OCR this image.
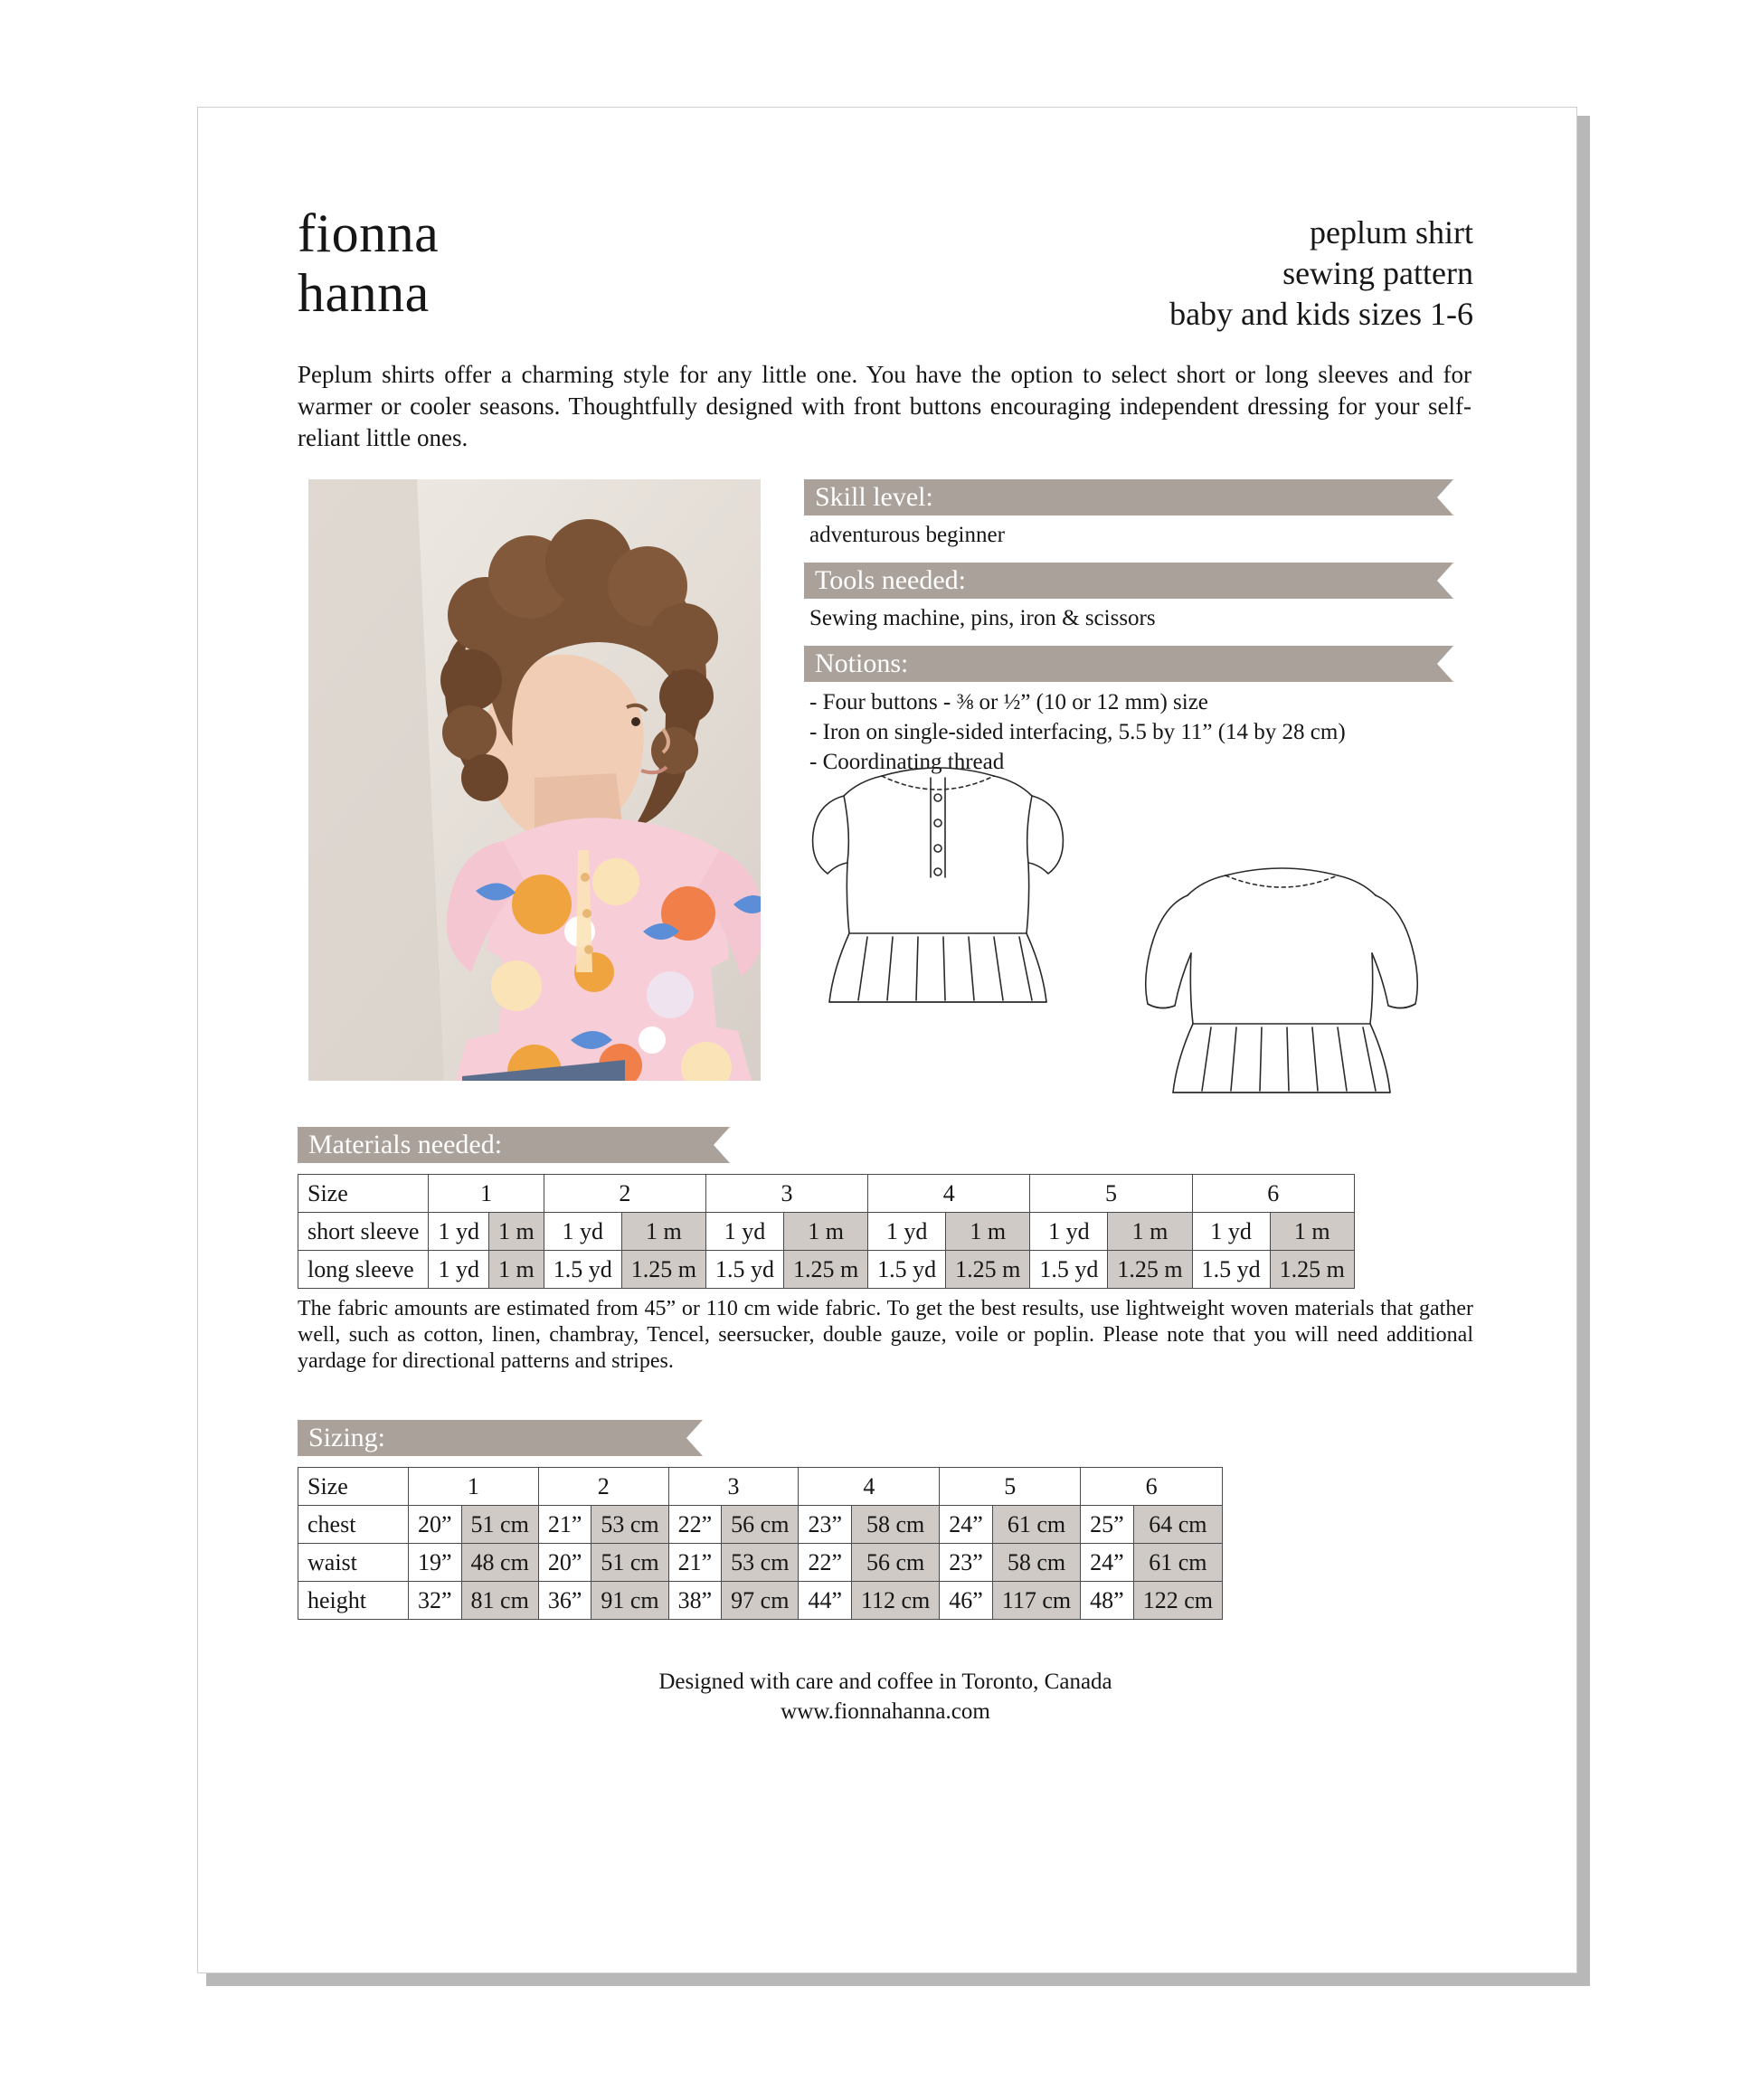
fionna
hanna
peplum shirt
sewing pattern
baby and kids sizes 1-6
Peplum shirts offer a charming style for any little one. You have the option to select short or long sleeves and for warmer or cooler seasons. Thoughtfully designed with front buttons encouraging independent dressing for your self-reliant little ones.
Skill level:
adventurous beginner
Tools needed:
Sewing machine, pins, iron & scissors
Notions:
- Four buttons - ⅜ or ½” (10 or 12 mm) size
- Iron on single-sided interfacing, 5.5 by 11” (14 by 28 cm)
- Coordinating thread
Materials needed:
Size	1		2		3		4		5		6	
short sleeve	1 yd	1 m	1 yd	1 m	1 yd	1 m	1 yd	1 m	1 yd	1 m	1 yd	1 m
long sleeve	1 yd	1 m	1.5 yd	1.25 m	1.5 yd	1.25 m	1.5 yd	1.25 m	1.5 yd	1.25 m	1.5 yd	1.25 m
The fabric amounts are estimated from 45” or 110 cm wide fabric. To get the best results, use lightweight woven materials that gather well, such as cotton, linen, chambray, Tencel, seersucker, double gauze, voile or poplin. Please note that you will need additional yardage for directional patterns and stripes.
Sizing:
Size	1		2		3		4		5		6	
chest	20”	51 cm	21”	53 cm	22”	56 cm	23”	58 cm	24”	61 cm	25”	64 cm
waist	19”	48 cm	20”	51 cm	21”	53 cm	22”	56 cm	23”	58 cm	24”	61 cm
height	32”	81 cm	36”	91 cm	38”	97 cm	44”	112 cm	46”	117 cm	48”	122 cm
Designed with care and coffee in Toronto, Canada
www.fionnahanna.com
